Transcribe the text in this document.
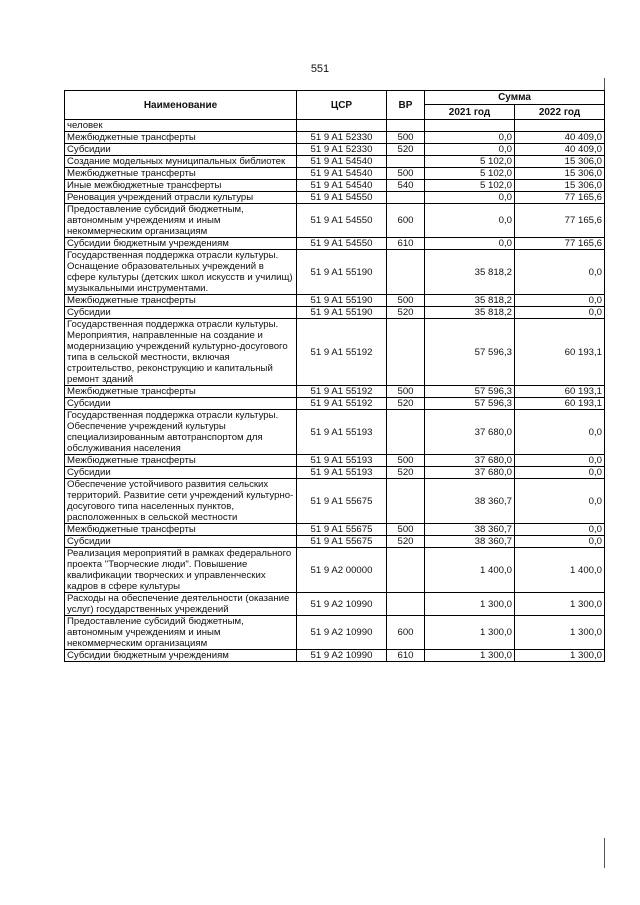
551
Наименование	ЦСР	ВР	Сумма	
			2021 год	2022 год
человек				
Межбюджетные трансферты	51 9 A1 52330	500	0,0	40 409,0
Субсидии	51 9 A1 52330	520	0,0	40 409,0
Создание модельных муниципальных библиотек	51 9 A1 54540		5 102,0	15 306,0
Межбюджетные трансферты	51 9 A1 54540	500	5 102,0	15 306,0
Иные межбюджетные трансферты	51 9 A1 54540	540	5 102,0	15 306,0
Реновация учреждений отрасли культуры	51 9 A1 54550		0,0	77 165,6
Предоставление субсидий бюджетным, автономным учреждениям и иным некоммерческим организациям	51 9 A1 54550	600	0,0	77 165,6
Субсидии бюджетным учреждениям	51 9 A1 54550	610	0,0	77 165,6
Государственная поддержка отрасли культуры. Оснащение образовательных учреждений в сфере культуры (детских школ искусств и училищ) музыкальными инструментами.	51 9 A1 55190		35 818,2	0,0
Межбюджетные трансферты	51 9 A1 55190	500	35 818,2	0,0
Субсидии	51 9 A1 55190	520	35 818,2	0,0
Государственная поддержка отрасли культуры. Мероприятия, направленные на создание и модернизацию учреждений культурно-досугового типа в сельской местности, включая строительство, реконструкцию и капитальный ремонт зданий	51 9 A1 55192		57 596,3	60 193,1
Межбюджетные трансферты	51 9 A1 55192	500	57 596,3	60 193,1
Субсидии	51 9 A1 55192	520	57 596,3	60 193,1
Государственная поддержка отрасли культуры. Обеспечение учреждений культуры специализированным автотранспортом для обслуживания населения	51 9 A1 55193		37 680,0	0,0
Межбюджетные трансферты	51 9 A1 55193	500	37 680,0	0,0
Субсидии	51 9 A1 55193	520	37 680,0	0,0
Обеспечение устойчивого развития сельских территорий. Развитие сети учреждений культурно-досугового типа населенных пунктов, расположенных в сельской местности	51 9 A1 55675		38 360,7	0,0
Межбюджетные трансферты	51 9 A1 55675	500	38 360,7	0,0
Субсидии	51 9 A1 55675	520	38 360,7	0,0
Реализация мероприятий в рамках федерального проекта "Творческие люди". Повышение квалификации творческих и управленческих кадров в сфере культуры	51 9 A2 00000		1 400,0	1 400,0
Расходы на обеспечение деятельности (оказание услуг) государственных учреждений	51 9 A2 10990		1 300,0	1 300,0
Предоставление субсидий бюджетным, автономным учреждениям и иным некоммерческим организациям	51 9 A2 10990	600	1 300,0	1 300,0
Субсидии бюджетным учреждениям	51 9 A2 10990	610	1 300,0	1 300,0
